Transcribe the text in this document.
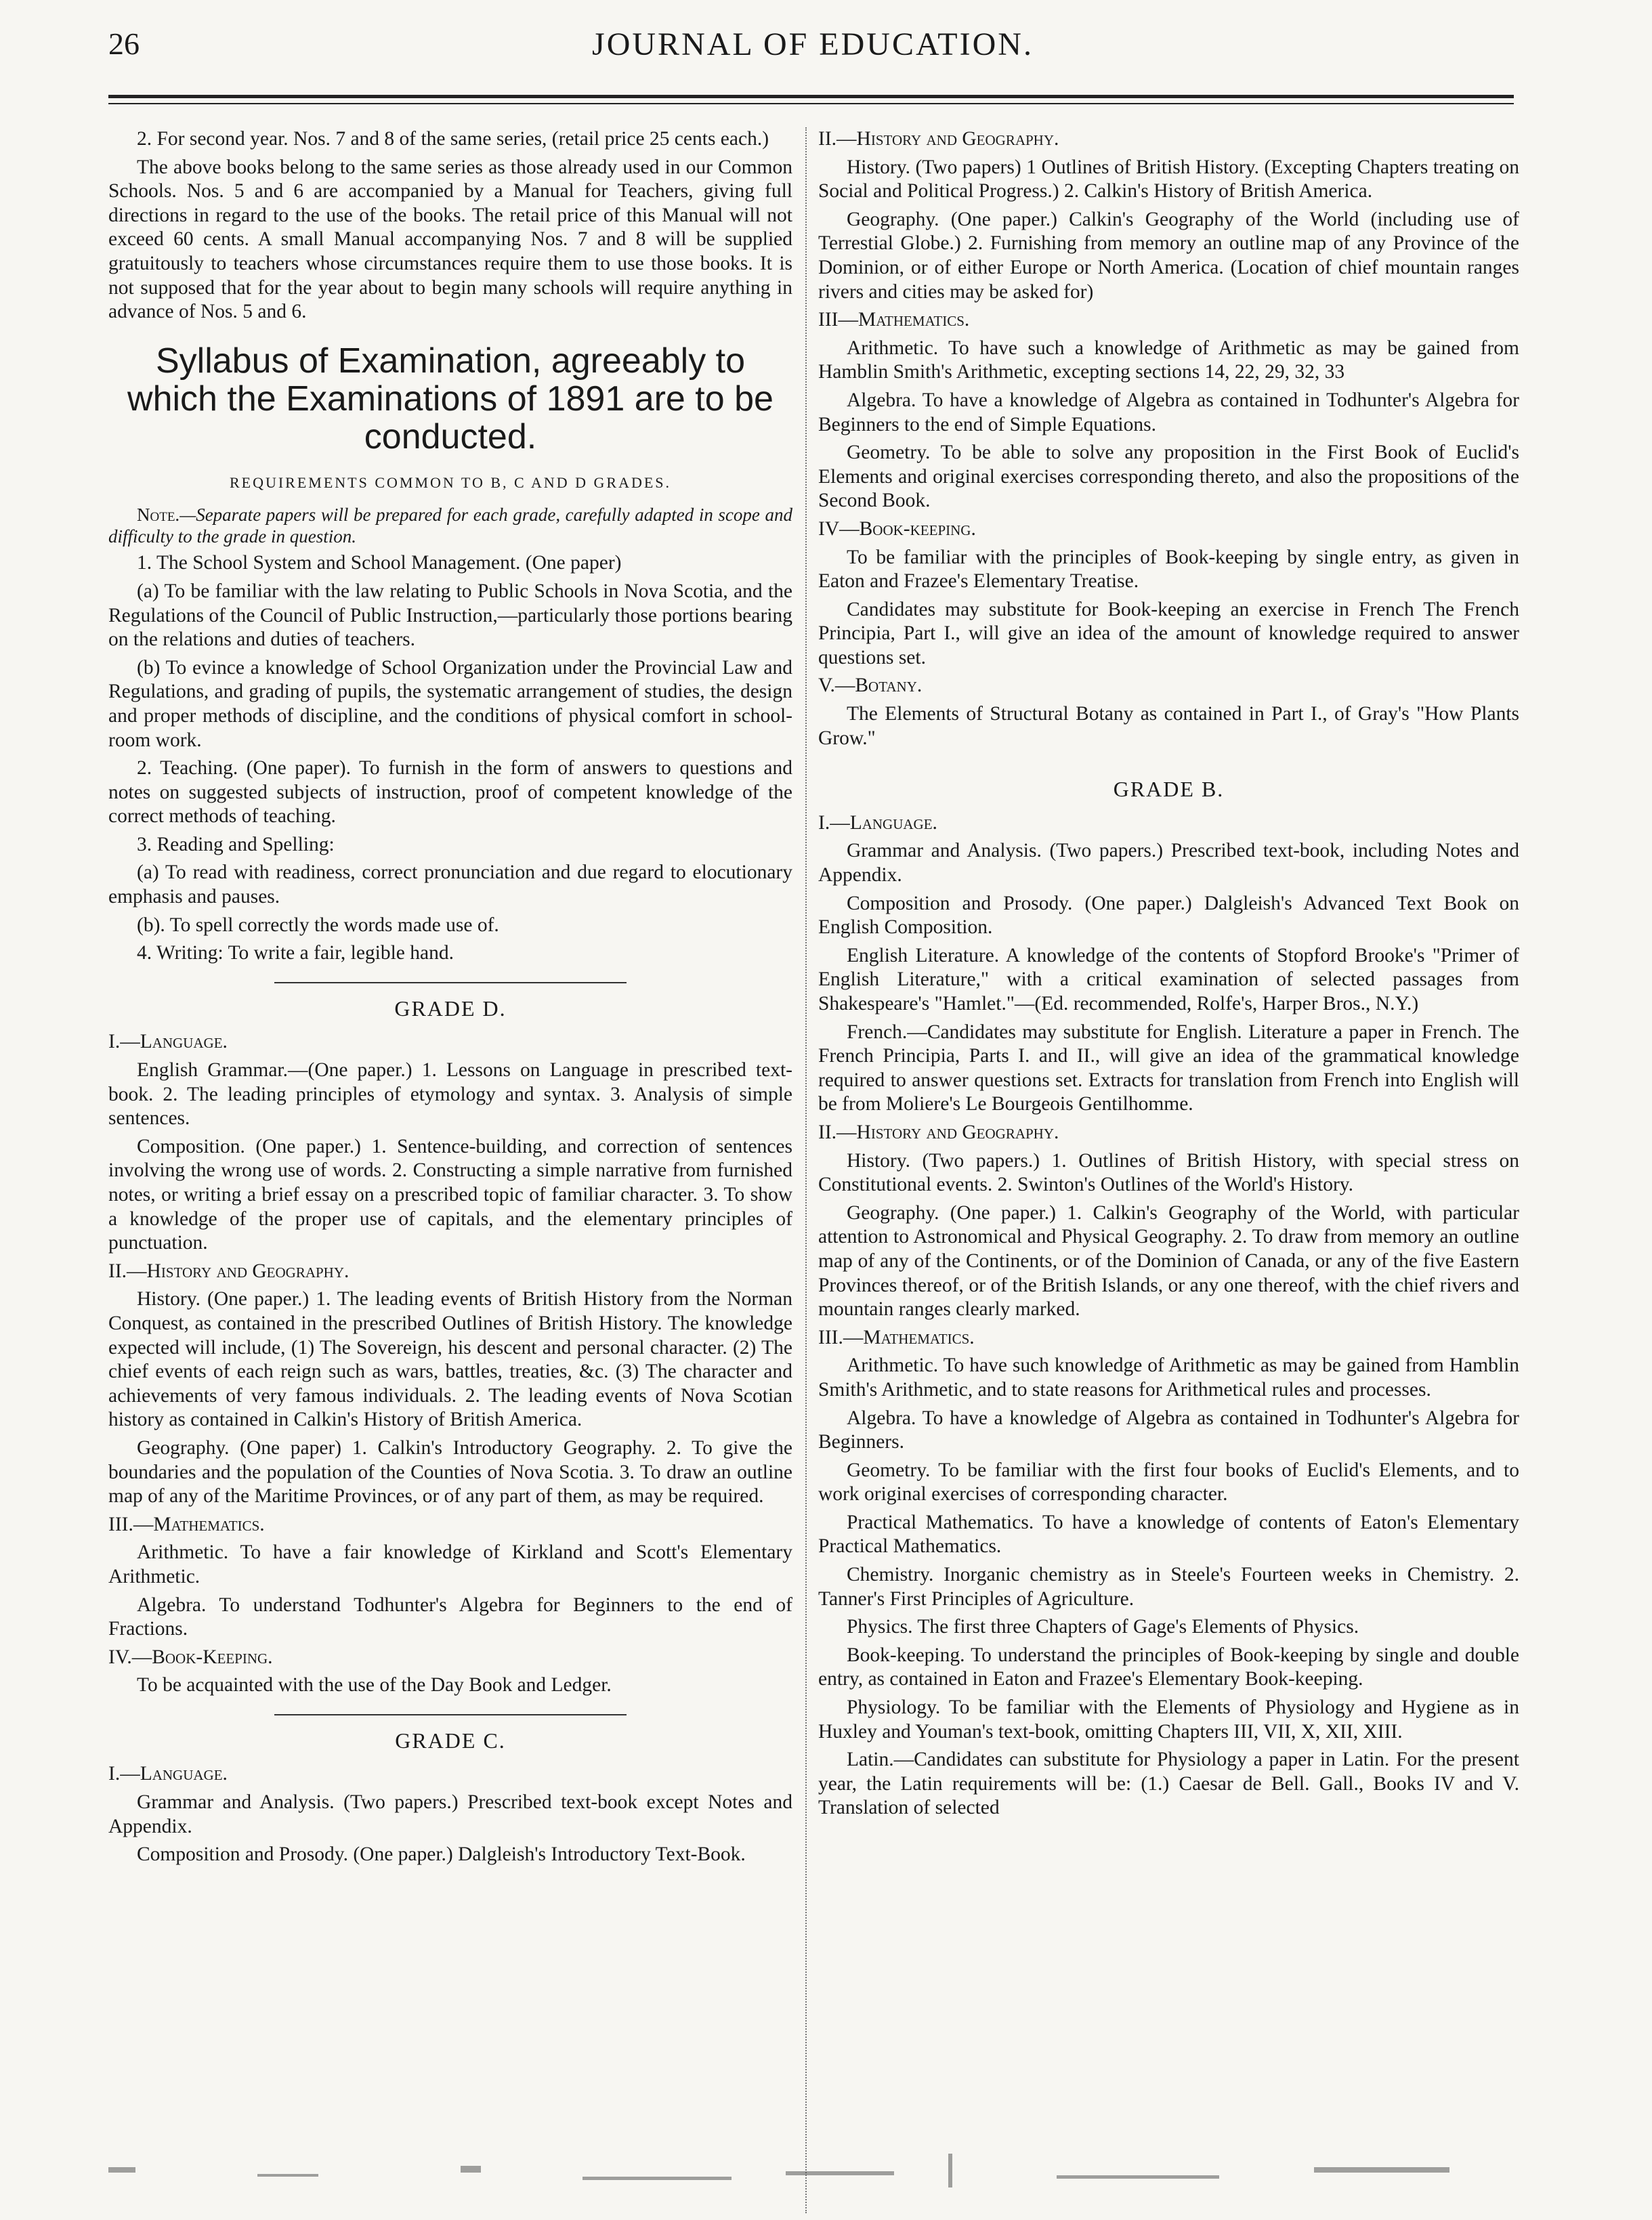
26	JOURNAL OF EDUCATION.

2. For second year. Nos. 7 and 8 of the same series, (retail price 25 cents each.)

The above books belong to the same series as those already used in our Common Schools. Nos. 5 and 6 are accompanied by a Manual for Teachers, giving full directions in regard to the use of the books. The retail price of this Manual will not exceed 60 cents. A small Manual accompanying Nos. 7 and 8 will be supplied gratuitously to teachers whose circumstances require them to use those books. It is not supposed that for the year about to begin many schools will require anything in advance of Nos. 5 and 6.

Syllabus of Examination, agreeably to which the Examinations of 1891 are to be conducted.
REQUIREMENTS COMMON TO B, C AND D GRADES.

Note.—Separate papers will be prepared for each grade, carefully adapted in scope and difficulty to the grade in question.

1. The School System and School Management. (One paper)

(a) To be familiar with the law relating to Public Schools in Nova Scotia, and the Regulations of the Council of Public Instruction,—particularly those portions bearing on the relations and duties of teachers.

(b) To evince a knowledge of School Organization under the Provincial Law and Regulations, and grading of pupils, the systematic arrangement of studies, the design and proper methods of discipline, and the conditions of physical comfort in school-room work.

2. Teaching. (One paper). To furnish in the form of answers to questions and notes on suggested subjects of instruction, proof of competent knowledge of the correct methods of teaching.

3. Reading and Spelling:

(a) To read with readiness, correct pronunciation and due regard to elocutionary emphasis and pauses.

(b). To spell correctly the words made use of.

4. Writing: To write a fair, legible hand.

GRADE D.

I.—Language.

English Grammar.—(One paper.) 1. Lessons on Language in prescribed text-book. 2. The leading principles of etymology and syntax. 3. Analysis of simple sentences.

Composition. (One paper.) 1. Sentence-building, and correction of sentences involving the wrong use of words. 2. Constructing a simple narrative from furnished notes, or writing a brief essay on a prescribed topic of familiar character. 3. To show a knowledge of the proper use of capitals, and the elementary principles of punctuation.

II.—History and Geography.

History. (One paper.) 1. The leading events of British History from the Norman Conquest, as contained in the prescribed Outlines of British History. The knowledge expected will include, (1) The Sovereign, his descent and personal character. (2) The chief events of each reign such as wars, battles, treaties, &c. (3) The character and achievements of very famous individuals. 2. The leading events of Nova Scotian history as contained in Calkin's History of British America.

Geography. (One paper) 1. Calkin's Introductory Geography. 2. To give the boundaries and the population of the Counties of Nova Scotia. 3. To draw an outline map of any of the Maritime Provinces, or of any part of them, as may be required.

III.—Mathematics.

Arithmetic. To have a fair knowledge of Kirkland and Scott's Elementary Arithmetic.

Algebra. To understand Todhunter's Algebra for Beginners to the end of Fractions.

IV.—Book-Keeping.

To be acquainted with the use of the Day Book and Ledger.

GRADE C.

I.—Language.

Grammar and Analysis. (Two papers.) Prescribed text-book except Notes and Appendix.

Composition and Prosody. (One paper.) Dalgleish's Introductory Text-Book.

II.—History and Geography.

History. (Two papers) 1 Outlines of British History. (Excepting Chapters treating on Social and Political Progress.) 2. Calkin's History of British America.

Geography. (One paper.) Calkin's Geography of the World (including use of Terrestial Globe.) 2. Furnishing from memory an outline map of any Province of the Dominion, or of either Europe or North America. (Location of chief mountain ranges rivers and cities may be asked for)

III—Mathematics.

Arithmetic. To have such a knowledge of Arithmetic as may be gained from Hamblin Smith's Arithmetic, excepting sections 14, 22, 29, 32, 33

Algebra. To have a knowledge of Algebra as contained in Todhunter's Algebra for Beginners to the end of Simple Equations.

Geometry. To be able to solve any proposition in the First Book of Euclid's Elements and original exercises corresponding thereto, and also the propositions of the Second Book.

IV—Book-keeping.

To be familiar with the principles of Book-keeping by single entry, as given in Eaton and Frazee's Elementary Treatise.

Candidates may substitute for Book-keeping an exercise in French The French Principia, Part I., will give an idea of the amount of knowledge required to answer questions set.

V.—Botany.

The Elements of Structural Botany as contained in Part I., of Gray's "How Plants Grow."

GRADE B.

I.—Language.

Grammar and Analysis. (Two papers.) Prescribed text-book, including Notes and Appendix.

Composition and Prosody. (One paper.) Dalgleish's Advanced Text Book on English Composition.

English Literature. A knowledge of the contents of Stopford Brooke's "Primer of English Literature," with a critical examination of selected passages from Shakespeare's "Hamlet."—(Ed. recommended, Rolfe's, Harper Bros., N.Y.)

French.—Candidates may substitute for English. Literature a paper in French. The French Principia, Parts I. and II., will give an idea of the grammatical knowledge required to answer questions set. Extracts for translation from French into English will be from Moliere's Le Bourgeois Gentilhomme.

II.—History and Geography.

History. (Two papers.) 1. Outlines of British History, with special stress on Constitutional events. 2. Swinton's Outlines of the World's History.

Geography. (One paper.) 1. Calkin's Geography of the World, with particular attention to Astronomical and Physical Geography. 2. To draw from memory an outline map of any of the Continents, or of the Dominion of Canada, or any of the five Eastern Provinces thereof, or of the British Islands, or any one thereof, with the chief rivers and mountain ranges clearly marked.

III.—Mathematics.

Arithmetic. To have such knowledge of Arithmetic as may be gained from Hamblin Smith's Arithmetic, and to state reasons for Arithmetical rules and processes.

Algebra. To have a knowledge of Algebra as contained in Todhunter's Algebra for Beginners.

Geometry. To be familiar with the first four books of Euclid's Elements, and to work original exercises of corresponding character.

Practical Mathematics. To have a knowledge of contents of Eaton's Elementary Practical Mathematics.

Chemistry. Inorganic chemistry as in Steele's Fourteen weeks in Chemistry. 2. Tanner's First Principles of Agriculture.

Physics. The first three Chapters of Gage's Elements of Physics.

Book-keeping. To understand the principles of Book-keeping by single and double entry, as contained in Eaton and Frazee's Elementary Book-keeping.

Physiology. To be familiar with the Elements of Physiology and Hygiene as in Huxley and Youman's text-book, omitting Chapters III, VII, X, XII, XIII.

Latin.—Candidates can substitute for Physiology a paper in Latin. For the present year, the Latin requirements will be: (1.) Caesar de Bell. Gall., Books IV and V. Translation of selected
